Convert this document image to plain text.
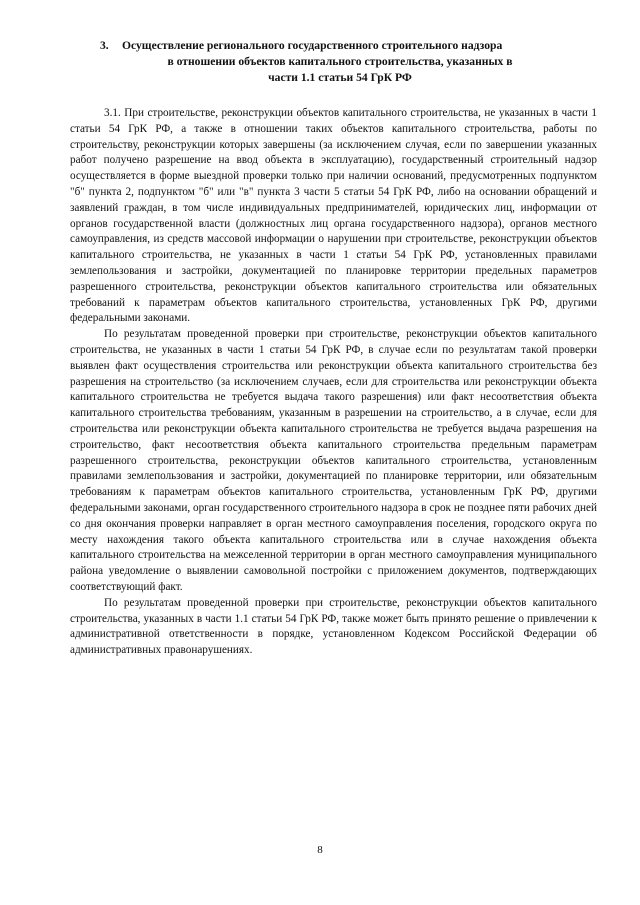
3. Осуществление регионального государственного строительного надзора
в отношении объектов капитального строительства, указанных в
части 1.1 статьи 54 ГрК РФ

3.1. При строительстве, реконструкции объектов капитального строительства, не указанных в части 1 статьи 54 ГрК РФ, а также в отношении таких объектов капитального строительства, работы по строительству, реконструкции которых завершены (за исключением случая, если по завершении указанных работ получено разрешение на ввод объекта в эксплуатацию), государственный строительный надзор осуществляется в форме выездной проверки только при наличии оснований, предусмотренных подпунктом "б" пункта 2, подпунктом "б" или "в" пункта 3 части 5 статьи 54 ГрК РФ, либо на основании обращений и заявлений граждан, в том числе индивидуальных предпринимателей, юридических лиц, информации от органов государственной власти (должностных лиц органа государственного надзора), органов местного самоуправления, из средств массовой информации о нарушении при строительстве, реконструкции объектов капитального строительства, не указанных в части 1 статьи 54 ГрК РФ, установленных правилами землепользования и застройки, документацией по планировке территории предельных параметров разрешенного строительства, реконструкции объектов капитального строительства или обязательных требований к параметрам объектов капитального строительства, установленных ГрК РФ, другими федеральными законами.

По результатам проведенной проверки при строительстве, реконструкции объектов капитального строительства, не указанных в части 1 статьи 54 ГрК РФ, в случае если по результатам такой проверки выявлен факт осуществления строительства или реконструкции объекта капитального строительства без разрешения на строительство (за исключением случаев, если для строительства или реконструкции объекта капитального строительства не требуется выдача такого разрешения) или факт несоответствия объекта капитального строительства требованиям, указанным в разрешении на строительство, а в случае, если для строительства или реконструкции объекта капитального строительства не требуется выдача разрешения на строительство, факт несоответствия объекта капитального строительства предельным параметрам разрешенного строительства, реконструкции объектов капитального строительства, установленным правилами землепользования и застройки, документацией по планировке территории, или обязательным требованиям к параметрам объектов капитального строительства, установленным ГрК РФ, другими федеральными законами, орган государственного строительного надзора в срок не позднее пяти рабочих дней со дня окончания проверки направляет в орган местного самоуправления поселения, городского округа по месту нахождения такого объекта капитального строительства или в случае нахождения объекта капитального строительства на межселенной территории в орган местного самоуправления муниципального района уведомление о выявлении самовольной постройки с приложением документов, подтверждающих соответствующий факт.

По результатам проведенной проверки при строительстве, реконструкции объектов капитального строительства, указанных в части 1.1 статьи 54 ГрК РФ, также может быть принято решение о привлечении к административной ответственности в порядке, установленном Кодексом Российской Федерации об административных правонарушениях.

8
